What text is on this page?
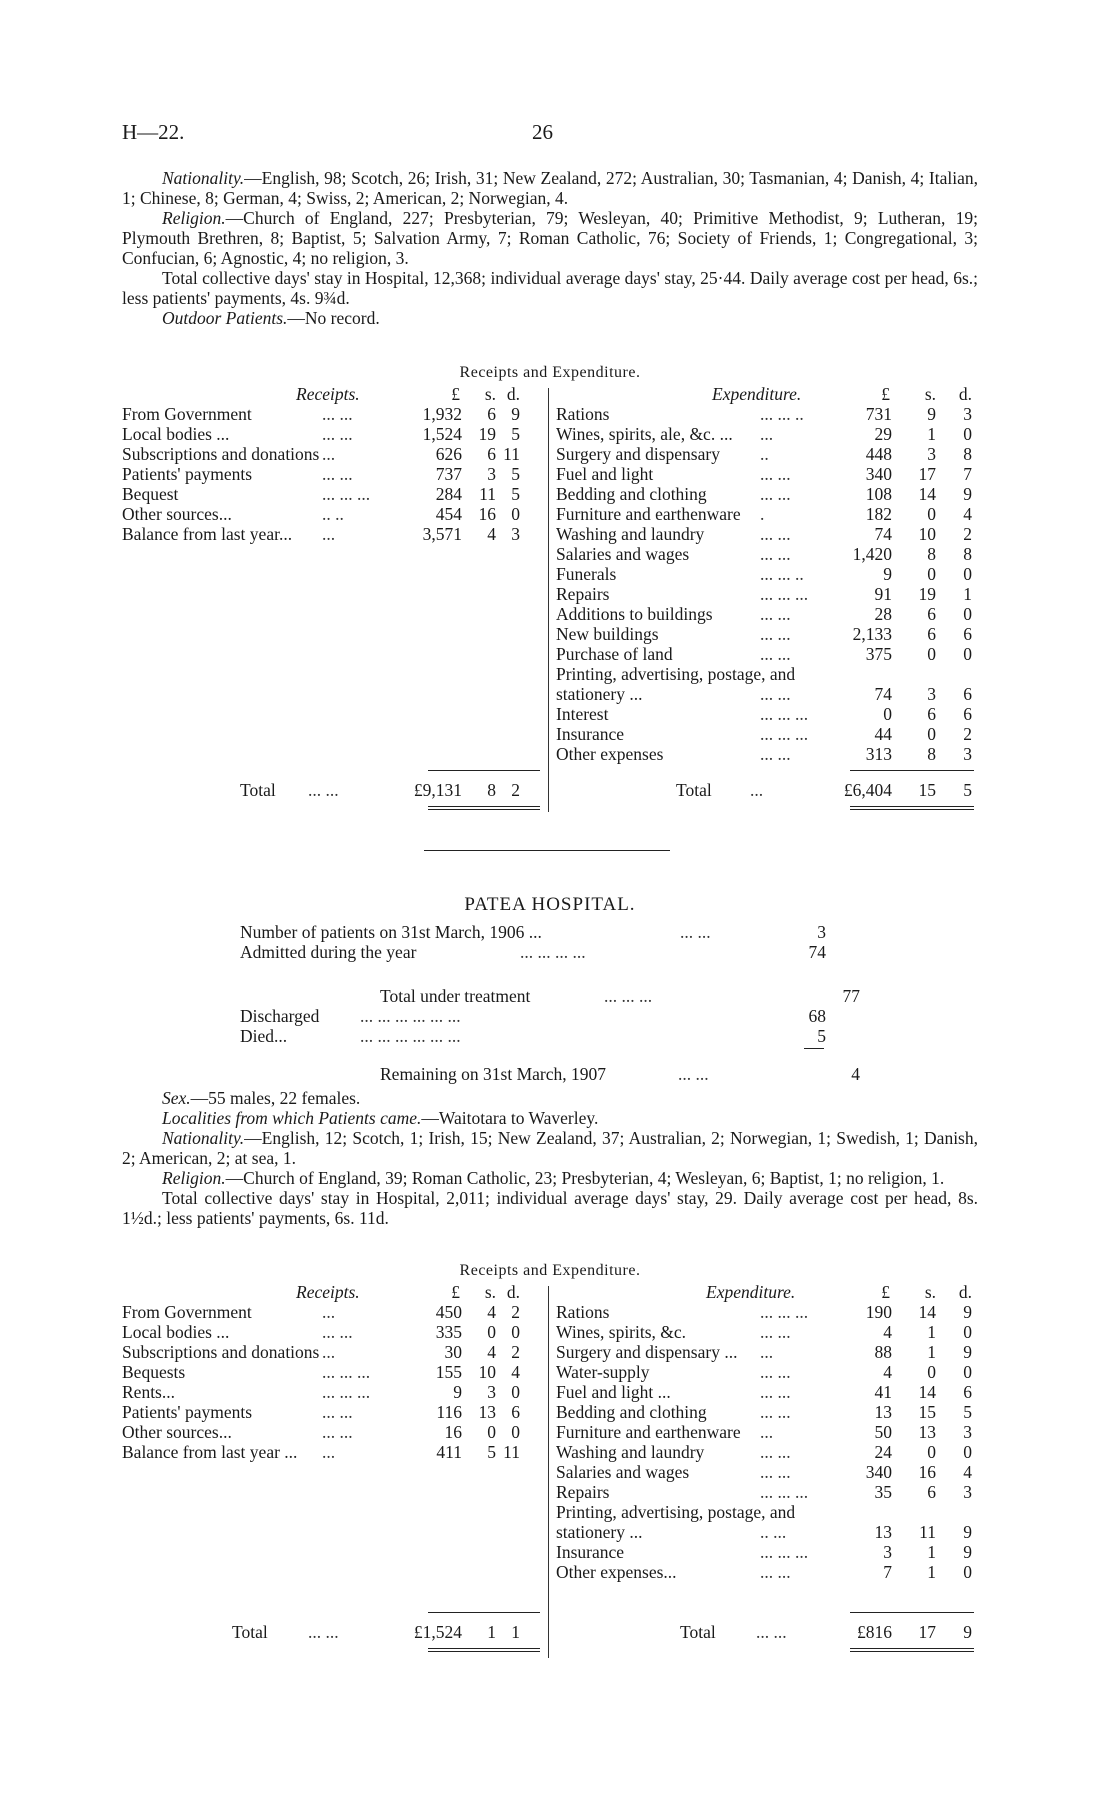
H—22.	26

Nationality.—English, 98; Scotch, 26; Irish, 31; New Zealand, 272; Australian, 30; Tasmanian, 4; Danish, 4; Italian, 1; Chinese, 8; German, 4; Swiss, 2; American, 2; Norwegian, 4.

Religion.—Church of England, 227; Presbyterian, 79; Wesleyan, 40; Primitive Methodist, 9; Lutheran, 19; Plymouth Brethren, 8; Baptist, 5; Salvation Army, 7; Roman Catholic, 76; Society of Friends, 1; Congregational, 3; Confucian, 6; Agnostic, 4; no religion, 3.

Total collective days' stay in Hospital, 12,368; individual average days' stay, 25·44. Daily average cost per head, 6s.; less patients' payments, 4s. 9¾d.

Outdoor Patients.—No record.

Receipts and Expenditure.
Receipts.	£	s. d.	Expenditure.	£	s.	d.
From Government	... ...	1,932	6 9
Local bodies ...	... ...	1,524 19 5
Subscriptions and donations ...	626	6 11
Patients' payments	... ...	737	3 5
Bequest	... ... ...	284 11 5
Other sources...	.. ..	454 16 0
Balance from last year... ...	3,571	4 3
Total ... ...	£9,131	8 2
Rations	... ... ..	731	9	3
Wines, spirits, ale, &c. ... ...	29	1	0
Surgery and dispensary ..	448	3	8
Fuel and light	... ...	340	17	7
Bedding and clothing	... ...	108	14	9
Furniture and earthenware .	182	0	4
Washing and laundry	... ...	74	10	2
Salaries and wages	... ...	1,420	8	8
Funerals	... ... ..	9	0	0
Repairs	... ... ...	91	19	1
Additions to buildings	... ...	28	6	0
New buildings	... ...	2,133	6	6
Purchase of land	... ...	375	0	0
Printing, advertising, postage, and
stationery ...	... ...	74	3	6
Interest	... ... ...	0	6	6
Insurance	... ... ...	44	0	2
Other expenses	... ...	313	8	3
Total ...	£6,404	15	5
PATEA HOSPITAL.
Number of patients on 31st March, 1906 ...	... ...	3
Admitted during the year	... ... ... ...	74
Total under treatment	... ... ...	77
Discharged ... ... ... ... ... ...	68
Died...	... ... ... ... ... ...	5
Remaining on 31st March, 1907	... ...	4

Sex.—55 males, 22 females.

Localities from which Patients came.—Waitotara to Waverley.

Nationality.—English, 12; Scotch, 1; Irish, 15; New Zealand, 37; Australian, 2; Norwegian, 1; Swedish, 1; Danish, 2; American, 2; at sea, 1.

Religion.—Church of England, 39; Roman Catholic, 23; Presbyterian, 4; Wesleyan, 6; Baptist, 1; no religion, 1.

Total collective days' stay in Hospital, 2,011; individual average days' stay, 29. Daily average cost per head, 8s. 1½d.; less patients' payments, 6s. 11d.

Receipts and Expenditure.
Receipts.	£	s. d.	Expenditure.	£	s.	d.
From Government	...	450	4 2
Local bodies ...	... ...	335	0 0
Subscriptions and donations ...	30	4 2
Bequests	... ... ...	155 10 4
Rents...	... ... ...	9	3 0
Patients' payments	... ...	116 13 6
Other sources...	... ...	16	0 0
Balance from last year ... ...	411	5 11
Total ... ...	£1,524	1 1
Rations	... ... ...	190	14	9
Wines, spirits, &c.	... ...	4	1	0
Surgery and dispensary ... ...	88	1	9
Water-supply	... ...	4	0	0
Fuel and light ...	... ...	41	14	6
Bedding and clothing	... ...	13	15	5
Furniture and earthenware ...	50	13	3
Washing and laundry	... ...	24	0	0
Salaries and wages	... ...	340	16	4
Repairs	... ... ...	35	6	3
Printing, advertising, postage, and
stationery ...	.. ...	13	11	9
Insurance	... ... ...	3	1	9
Other expenses...	... ...	7	1	0
Total ... ...	£816	17	9
